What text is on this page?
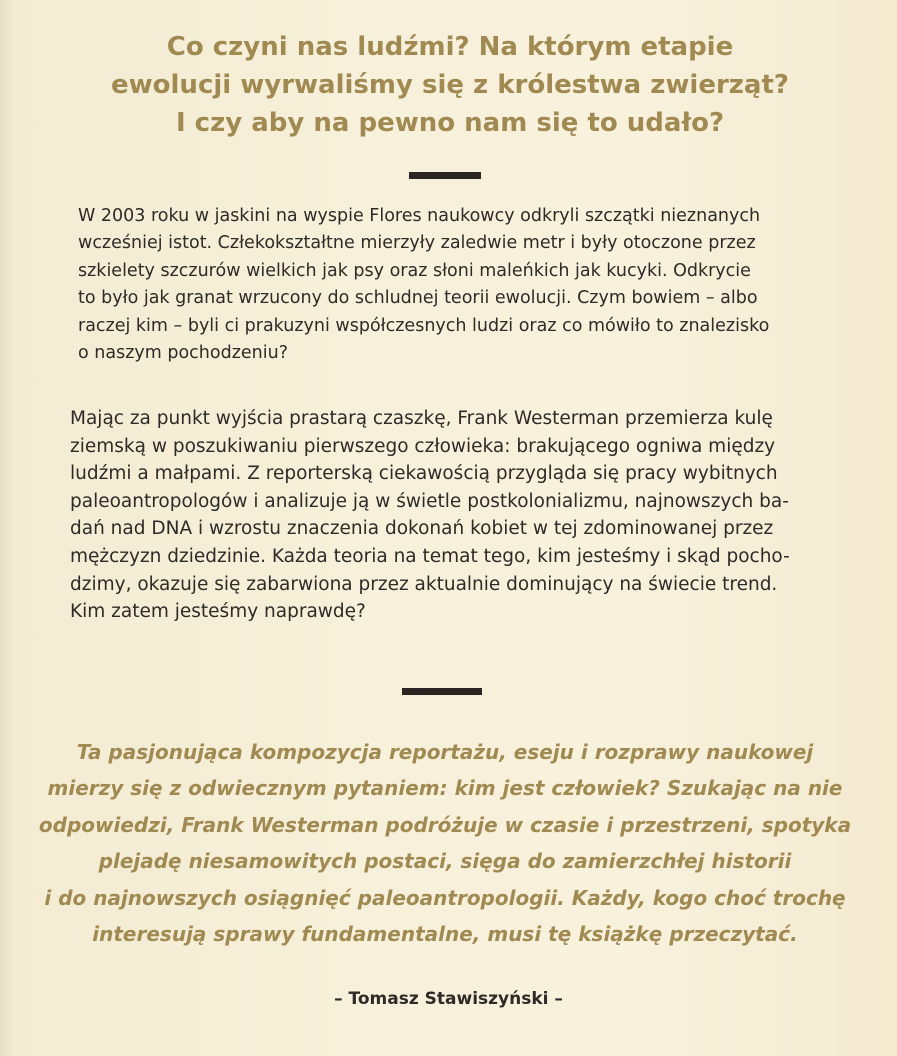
Co czyni nas ludźmi? Na którym etapie
ewolucji wyrwaliśmy się z królestwa zwierząt?
I czy aby na pewno nam się to udało?

W 2003 roku w jaskini na wyspie Flores naukowcy odkryli szczątki nieznanych
wcześniej istot. Człekokształtne mierzyły zaledwie metr i były otoczone przez
szkielety szczurów wielkich jak psy oraz słoni maleńkich jak kucyki. Odkrycie
to było jak granat wrzucony do schludnej teorii ewolucji. Czym bowiem – albo
raczej kim – byli ci prakuzyni współczesnych ludzi oraz co mówiło to znalezisko
o naszym pochodzeniu?

Mając za punkt wyjścia prastarą czaszkę, Frank Westerman przemierza kulę
ziemską w poszukiwaniu pierwszego człowieka: brakującego ogniwa między
ludźmi a małpami. Z reporterską ciekawością przygląda się pracy wybitnych
paleoantropologów i analizuje ją w świetle postkolonializmu, najnowszych ba-
dań nad DNA i wzrostu znaczenia dokonań kobiet w tej zdominowanej przez
mężczyzn dziedzinie. Każda teoria na temat tego, kim jesteśmy i skąd pocho-
dzimy, okazuje się zabarwiona przez aktualnie dominujący na świecie trend.
Kim zatem jesteśmy naprawdę?

Ta pasjonująca kompozycja reportażu, eseju i rozprawy naukowej
mierzy się z odwiecznym pytaniem: kim jest człowiek? Szukając na nie
odpowiedzi, Frank Westerman podróżuje w czasie i przestrzeni, spotyka
plejadę niesamowitych postaci, sięga do zamierzchłej historii
i do najnowszych osiągnięć paleoantropologii. Każdy, kogo choć trochę
interesują sprawy fundamentalne, musi tę książkę przeczytać.

– Tomasz Stawiszyński –
